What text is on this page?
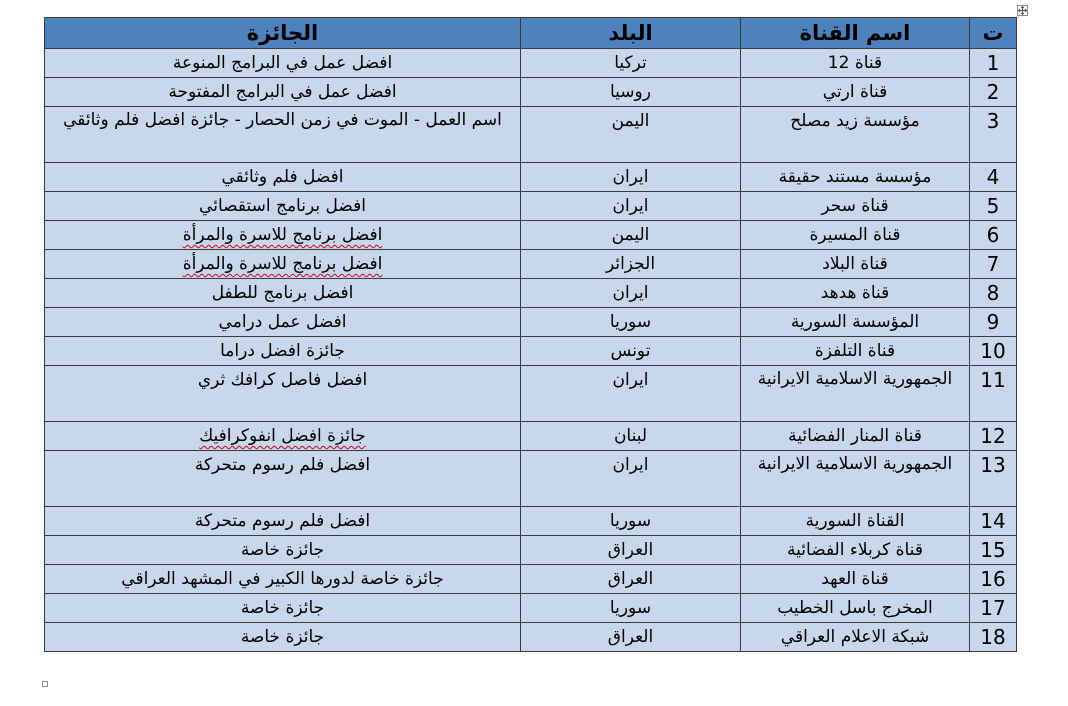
ت	اسم القناة	البلد	الجائزة
1	قناة 12	تركيا	افضل عمل في البرامج المنوعة
2	قناة ارتي	روسيا	افضل عمل في البرامج المفتوحة
3	مؤسسة زيد مصلح	اليمن	اسم العمل - الموت في زمن الحصار - جائزة افضل فلم وثائقي
4	مؤسسة مستند حقيقة	ايران	افضل فلم وثائقي
5	قناة سحر	ايران	افضل برنامج استقصائي
6	قناة المسيرة	اليمن	افضل برنامج للاسرة والمرأة
7	قناة البلاد	الجزائر	افضل برنامج للاسرة والمرأة
8	قناة هدهد	ايران	افضل برنامج للطفل
9	المؤسسة السورية	سوريا	افضل عمل درامي
10	قناة التلفزة	تونس	جائزة افضل دراما
11	الجمهورية الاسلامية الايرانية	ايران	افضل فاصل كرافك ثري
12	قناة المنار الفضائية	لبنان	جائزة افضل انفوكرافيك
13	الجمهورية الاسلامية الايرانية	ايران	افضل فلم رسوم متحركة
14	القناة السورية	سوريا	افضل فلم رسوم متحركة
15	قناة كربلاء الفضائية	العراق	جائزة خاصة
16	قناة العهد	العراق	جائزة خاصة لدورها الكبير في المشهد العراقي
17	المخرج باسل الخطيب	سوريا	جائزة خاصة
18	شبكة الاعلام العراقي	العراق	جائزة خاصة
